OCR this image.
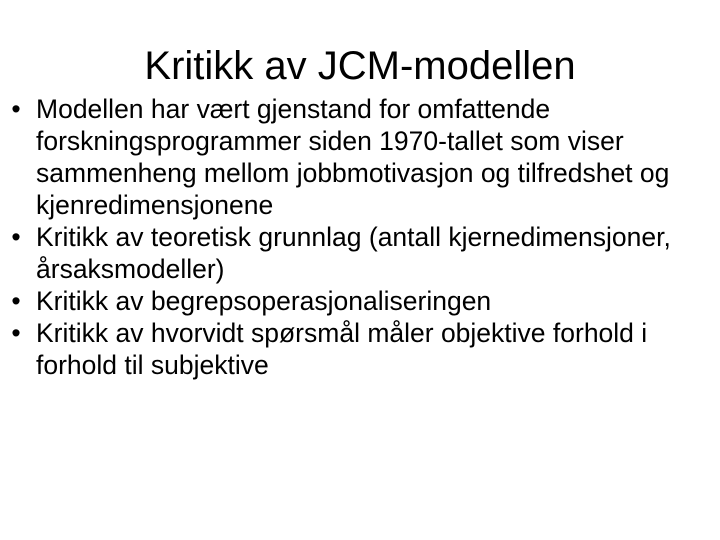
Kritikk av JCM-modellen
• Modellen har vært gjenstand for omfattende forskningsprogrammer siden 1970-tallet som viser sammenheng mellom jobbmotivasjon og tilfredshet og kjenredimensjonene
• Kritikk av teoretisk grunnlag (antall kjernedimensjoner, årsaksmodeller)
• Kritikk av begrepsoperasjonaliseringen
• Kritikk av hvorvidt spørsmål måler objektive forhold i forhold til subjektive
